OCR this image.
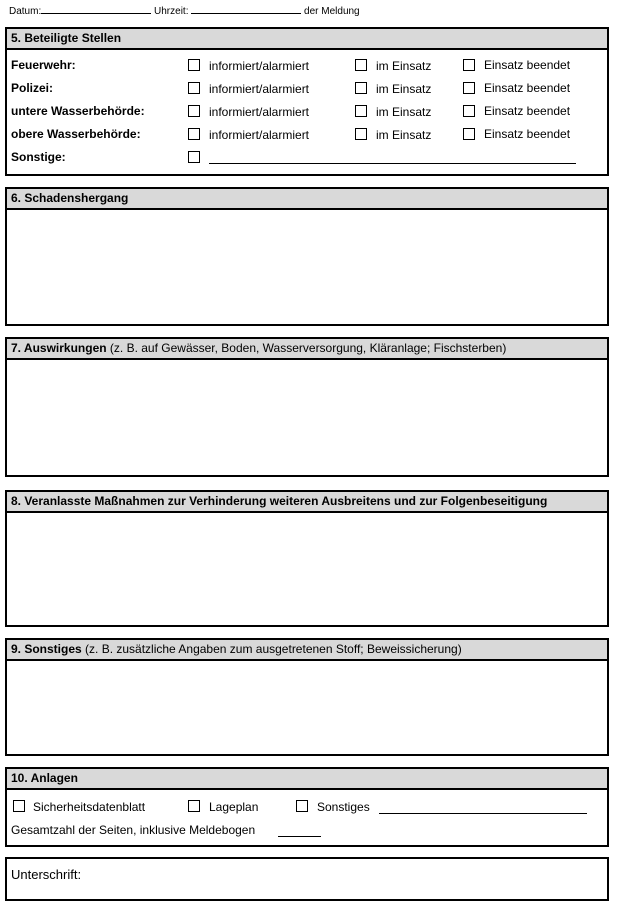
Datum:	Uhrzeit:	der Meldung
5. Beteiligte Stellen
Feuerwehr:	informiert/alarmiert	im Einsatz	Einsatz beendet
Polizei:	informiert/alarmiert	im Einsatz	Einsatz beendet
untere Wasserbehörde:	informiert/alarmiert	im Einsatz	Einsatz beendet
obere Wasserbehörde:	informiert/alarmiert	im Einsatz	Einsatz beendet
Sonstige:
6. Schadenshergang
7. Auswirkungen (z. B. auf Gewässer, Boden, Wasserversorgung, Kläranlage; Fischsterben)
8. Veranlasste Maßnahmen zur Verhinderung weiteren Ausbreitens und zur Folgenbeseitigung
9. Sonstiges (z. B. zusätzliche Angaben zum ausgetretenen Stoff; Beweissicherung)
10. Anlagen
Sicherheitsdatenblatt	Lageplan	Sonstiges
Gesamtzahl der Seiten, inklusive Meldebogen
Unterschrift:
